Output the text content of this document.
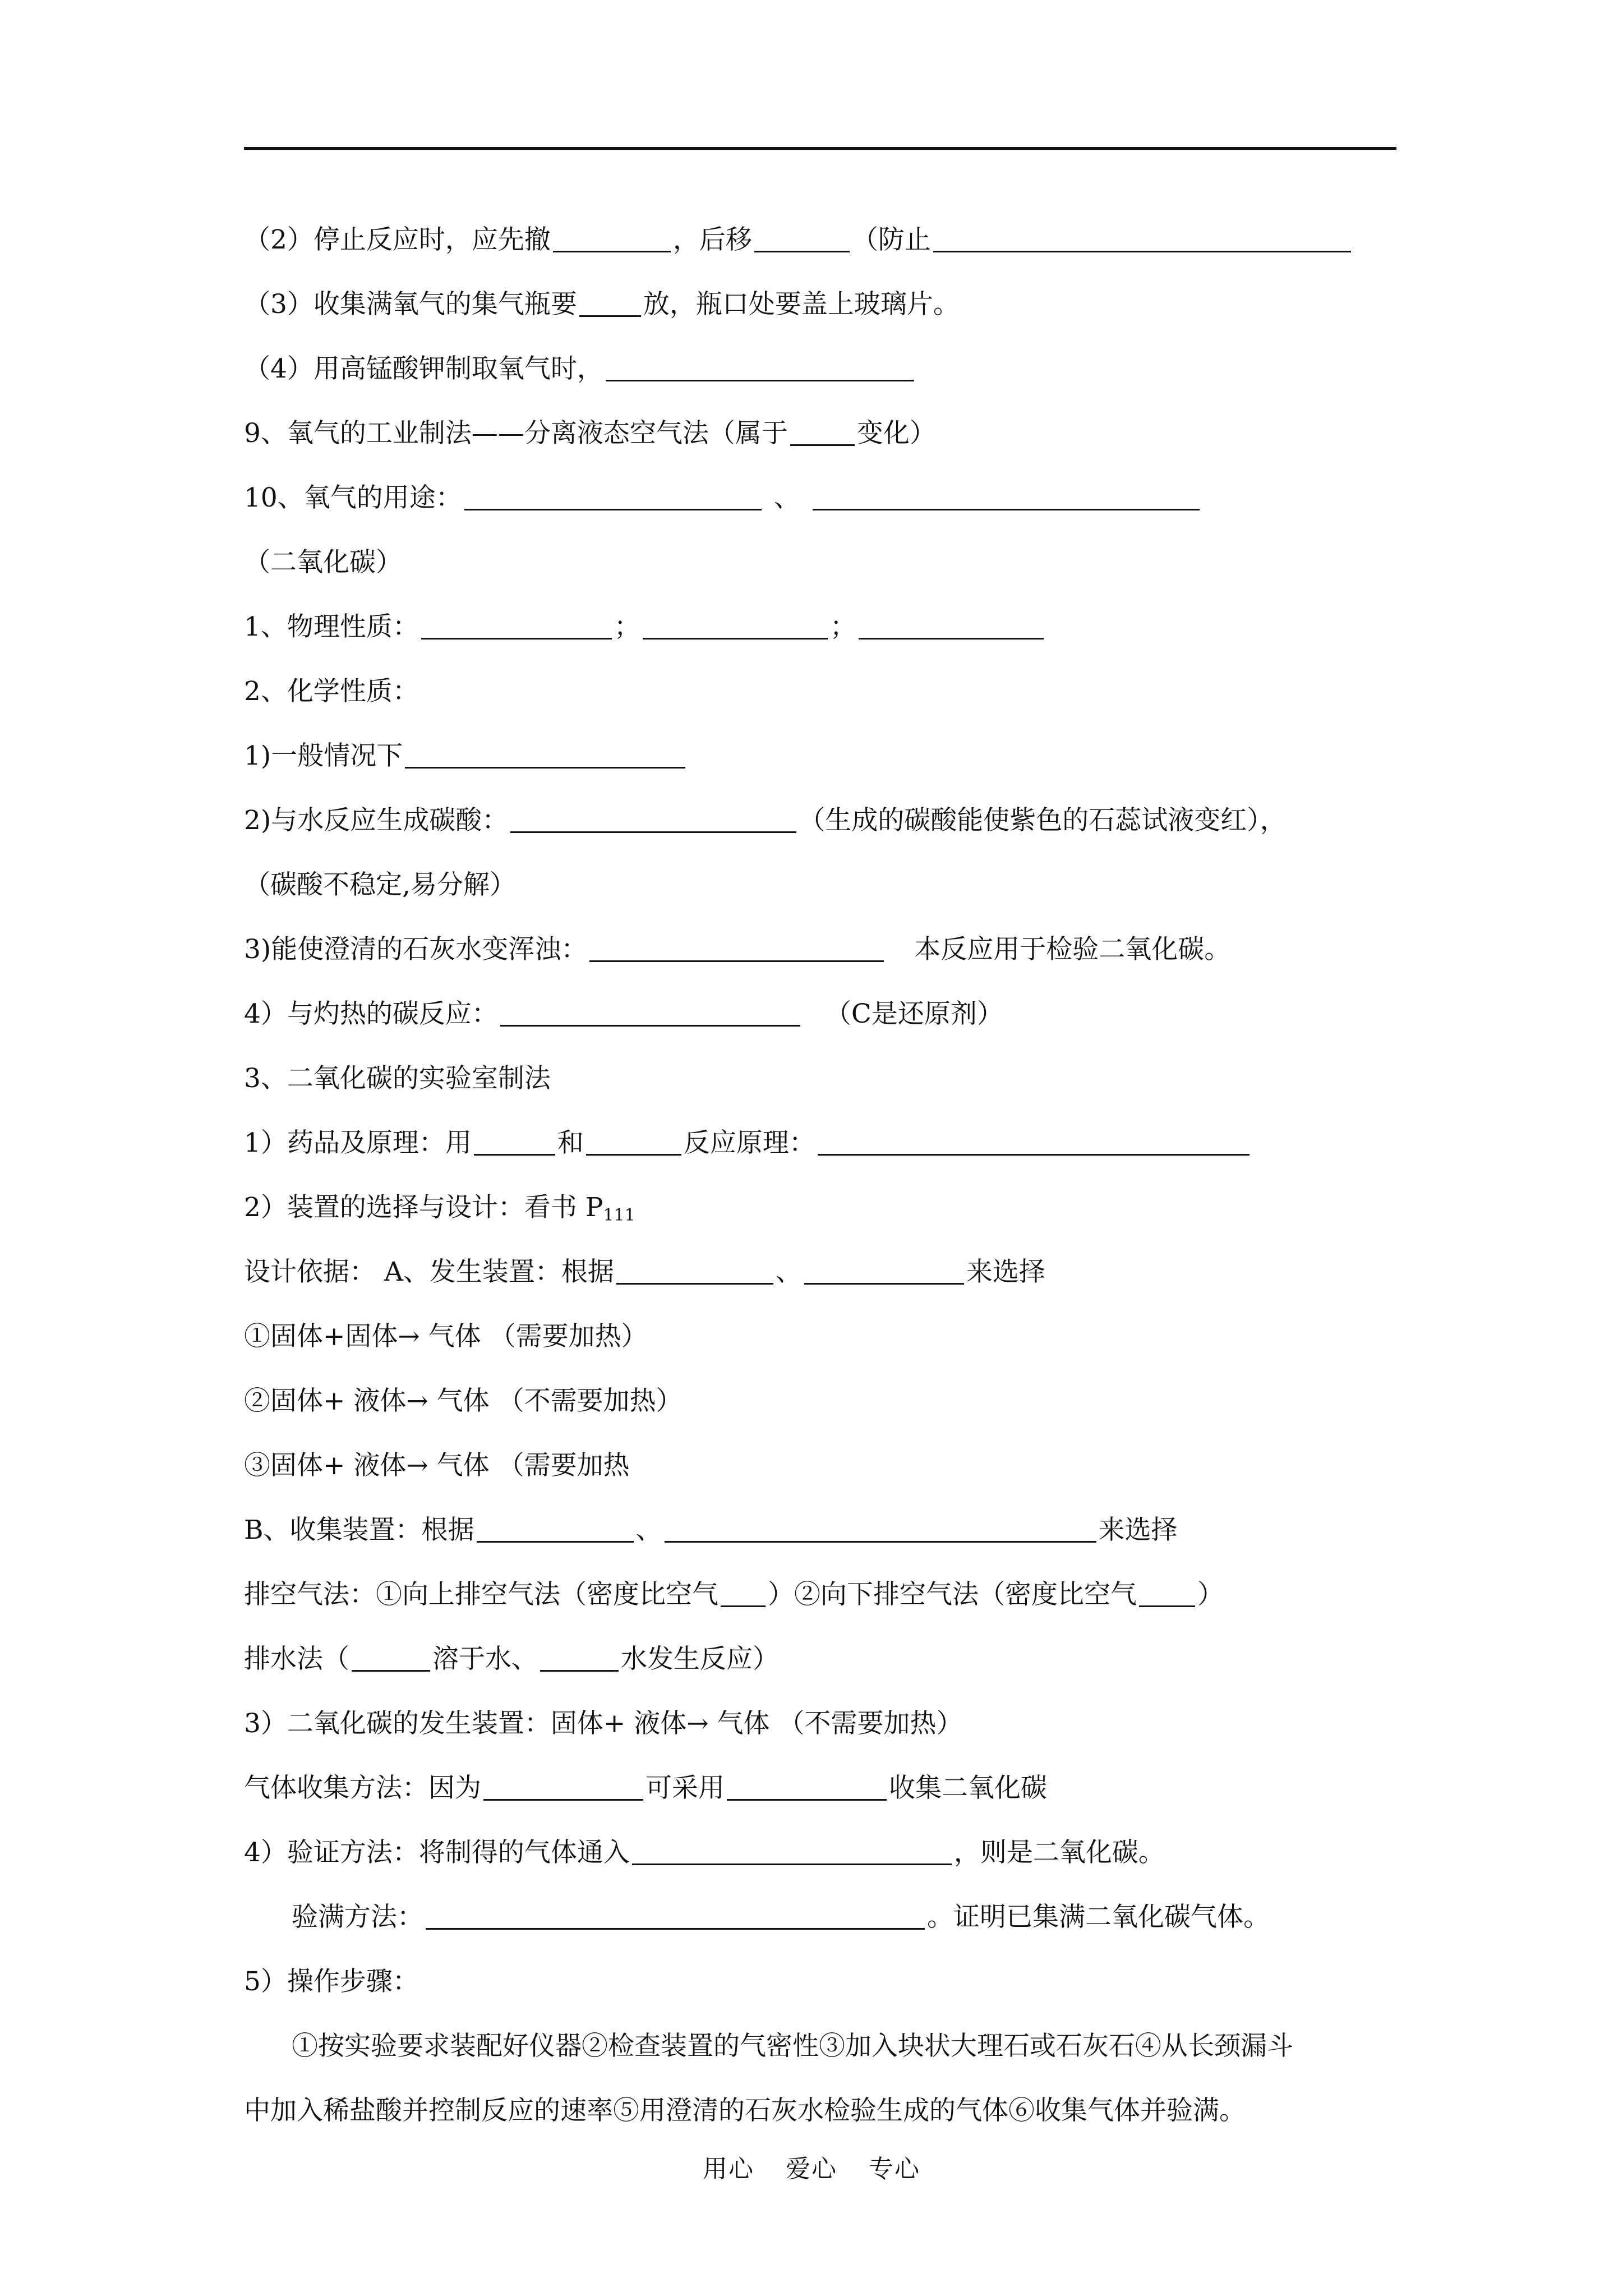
（2）停止反应时，应先撤	，后移	（防止
（3）收集满氧气的集气瓶要	放，瓶口处要盖上玻璃片。
（4）用高锰酸钾制取氧气时，
9、氧气的工业制法——分离液态空气法（属于	变化）
10、氧气的用途：	、
（二氧化碳）
1、物理性质：	；	；
2、化学性质：
1)一般情况下
2)与水反应生成碳酸：	（生成的碳酸能使紫色的石蕊试液变红），
（碳酸不稳定,易分解）
3)能使澄清的石灰水变浑浊：	本反应用于检验二氧化碳。
4）与灼热的碳反应：	（C是还原剂）
3、二氧化碳的实验室制法
1）药品及原理：用	和	反应原理：
2）装置的选择与设计：看书 $P_{111}$
设计依据： A、发生装置：根据	、	来选择
①固体+固体→ 气体 （需要加热）
②固体+ 液体→ 气体 （不需要加热）
③固体+ 液体→ 气体 （需要加热
B、收集装置：根据	、	来选择
排空气法：①向上排空气法（密度比空气 ）②向下排空气法（密度比空气 ）
排水法（	溶于水、	水发生反应）
3）二氧化碳的发生装置：固体+ 液体→ 气体 （不需要加热）
气体收集方法：因为	可采用	收集二氧化碳
4）验证方法：将制得的气体通入	，则是二氧化碳。
验满方法：	。证明已集满二氧化碳气体。
5）操作步骤：
①按实验要求装配好仪器②检查装置的气密性③加入块状大理石或石灰石④从长颈漏斗
中加入稀盐酸并控制反应的速率⑤用澄清的石灰水检验生成的气体⑥收集气体并验满。
用心 爱心 专心
